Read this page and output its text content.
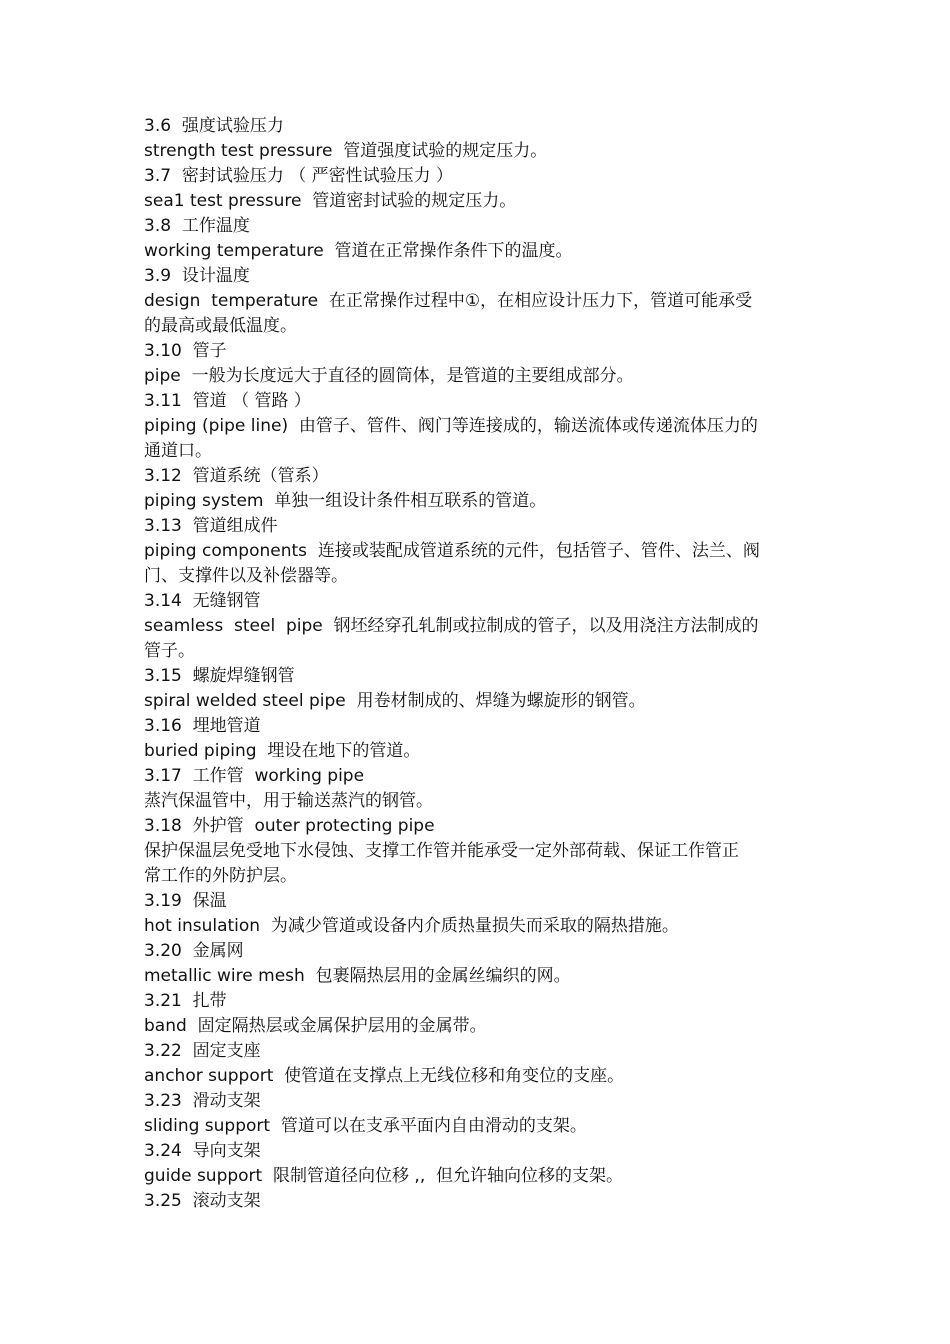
3.6  强度试验压力
strength test pressure  管道强度试验的规定压力。
3.7  密封试验压力 （ 严密性试验压力 ）
sea1 test pressure  管道密封试验的规定压力。
3.8  工作温度
working temperature  管道在正常操作条件下的温度。
3.9  设计温度
design  temperature  在正常操作过程中①，在相应设计压力下，管道可能承受
的最高或最低温度。
3.10  管子
pipe  一般为长度远大于直径的圆筒体，是管道的主要组成部分。
3.11  管道 （ 管路 ）
piping (pipe line)  由管子、管件、阀门等连接成的，输送流体或传递流体压力的
通道口。
3.12  管道系统（管系）
piping system  单独一组设计条件相互联系的管道。
3.13  管道组成件
piping components  连接或装配成管道系统的元件，包括管子、管件、法兰、阀
门、支撑件以及补偿器等。
3.14  无缝钢管
seamless  steel  pipe  钢坯经穿孔轧制或拉制成的管子，以及用浇注方法制成的
管子。
3.15  螺旋焊缝钢管
spiral welded steel pipe  用卷材制成的、焊缝为螺旋形的钢管。
3.16  埋地管道
buried piping  埋设在地下的管道。
3.17  工作管  working pipe
蒸汽保温管中，用于输送蒸汽的钢管。
3.18  外护管  outer protecting pipe
保护保温层免受地下水侵蚀、支撑工作管并能承受一定外部荷载、保证工作管正
常工作的外防护层。
3.19  保温
hot insulation  为减少管道或设备内介质热量损失而采取的隔热措施。
3.20  金属网
metallic wire mesh  包裹隔热层用的金属丝编织的网。
3.21  扎带
band  固定隔热层或金属保护层用的金属带。
3.22  固定支座
anchor support  使管道在支撑点上无线位移和角变位的支座。
3.23  滑动支架
sliding support  管道可以在支承平面内自由滑动的支架。
3.24  导向支架
guide support  限制管道径向位移 ,,  但允许轴向位移的支架。
3.25  滚动支架
